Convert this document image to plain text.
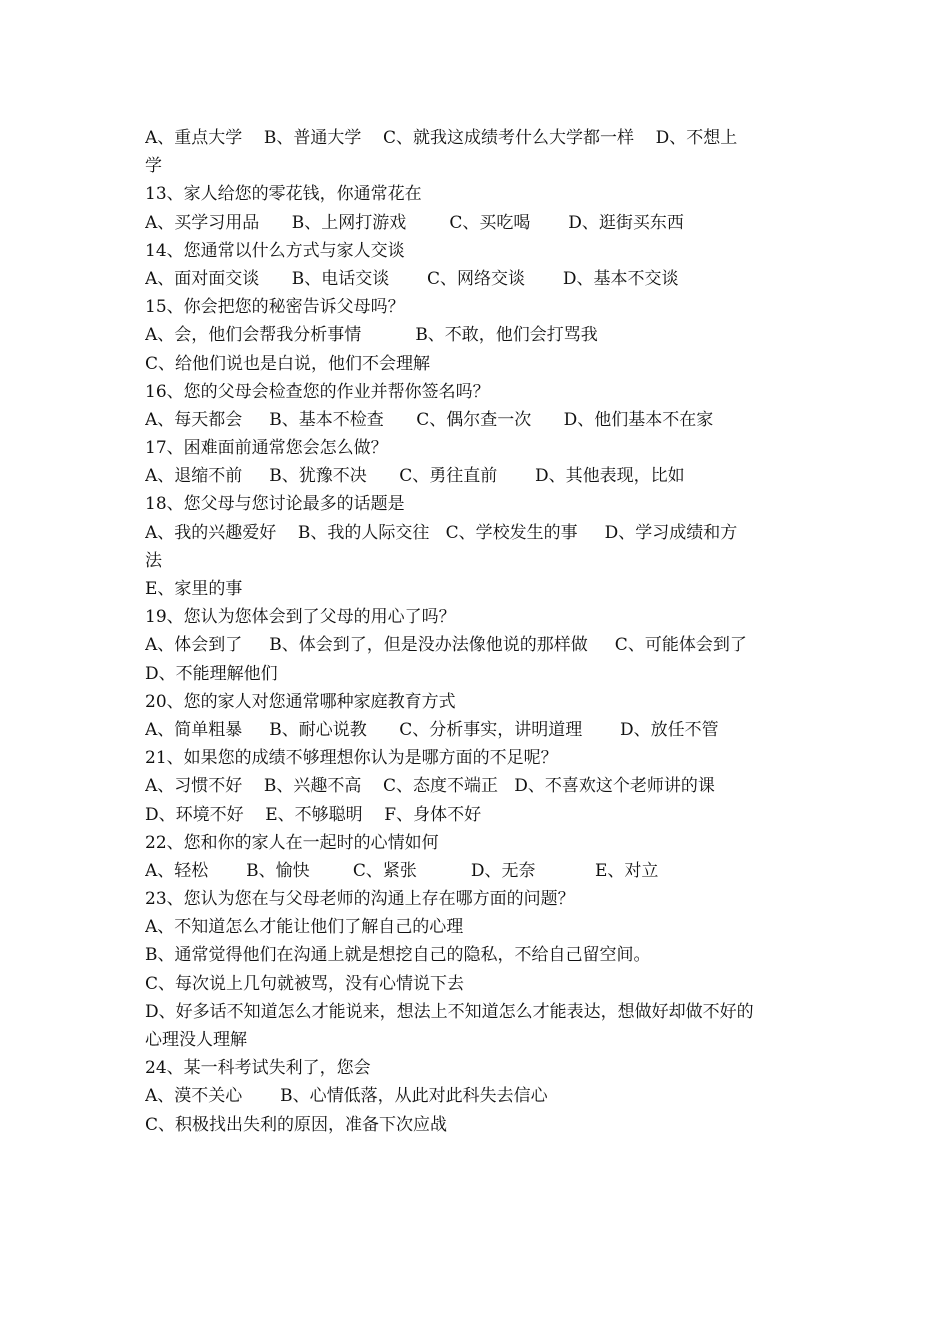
A、重点大学    B、普通大学    C、就我这成绩考什么大学都一样    D、不想上
学
13、家人给您的零花钱，你通常花在
A、买学习用品      B、上网打游戏        C、买吃喝       D、逛街买东西
14、您通常以什么方式与家人交谈
A、面对面交谈      B、电话交谈       C、网络交谈       D、基本不交谈
15、你会把您的秘密告诉父母吗？
A、会，他们会帮我分析事情          B、不敢，他们会打骂我
C、给他们说也是白说，他们不会理解
16、您的父母会检查您的作业并帮你签名吗？
A、每天都会     B、基本不检查      C、偶尔查一次      D、他们基本不在家
17、困难面前通常您会怎么做？
A、退缩不前     B、犹豫不决      C、勇往直前       D、其他表现，比如
18、您父母与您讨论最多的话题是
A、我的兴趣爱好    B、我的人际交往   C、学校发生的事     D、学习成绩和方
法
E、家里的事
19、您认为您体会到了父母的用心了吗？
A、体会到了     B、体会到了，但是没办法像他说的那样做     C、可能体会到了
D、不能理解他们
20、您的家人对您通常哪种家庭教育方式
A、简单粗暴     B、耐心说教      C、分析事实，讲明道理       D、放任不管
21、如果您的成绩不够理想你认为是哪方面的不足呢？
A、习惯不好    B、兴趣不高    C、态度不端正   D、不喜欢这个老师讲的课
D、环境不好    E、不够聪明    F、身体不好
22、您和你的家人在一起时的心情如何
A、轻松       B、愉快        C、紧张          D、无奈           E、对立
23、您认为您在与父母老师的沟通上存在哪方面的问题？
A、不知道怎么才能让他们了解自己的心理
B、通常觉得他们在沟通上就是想挖自己的隐私，不给自己留空间。
C、每次说上几句就被骂，没有心情说下去
D、好多话不知道怎么才能说来，想法上不知道怎么才能表达，想做好却做不好的
心理没人理解
24、某一科考试失利了，您会
A、漠不关心       B、心情低落，从此对此科失去信心
C、积极找出失利的原因，准备下次应战
